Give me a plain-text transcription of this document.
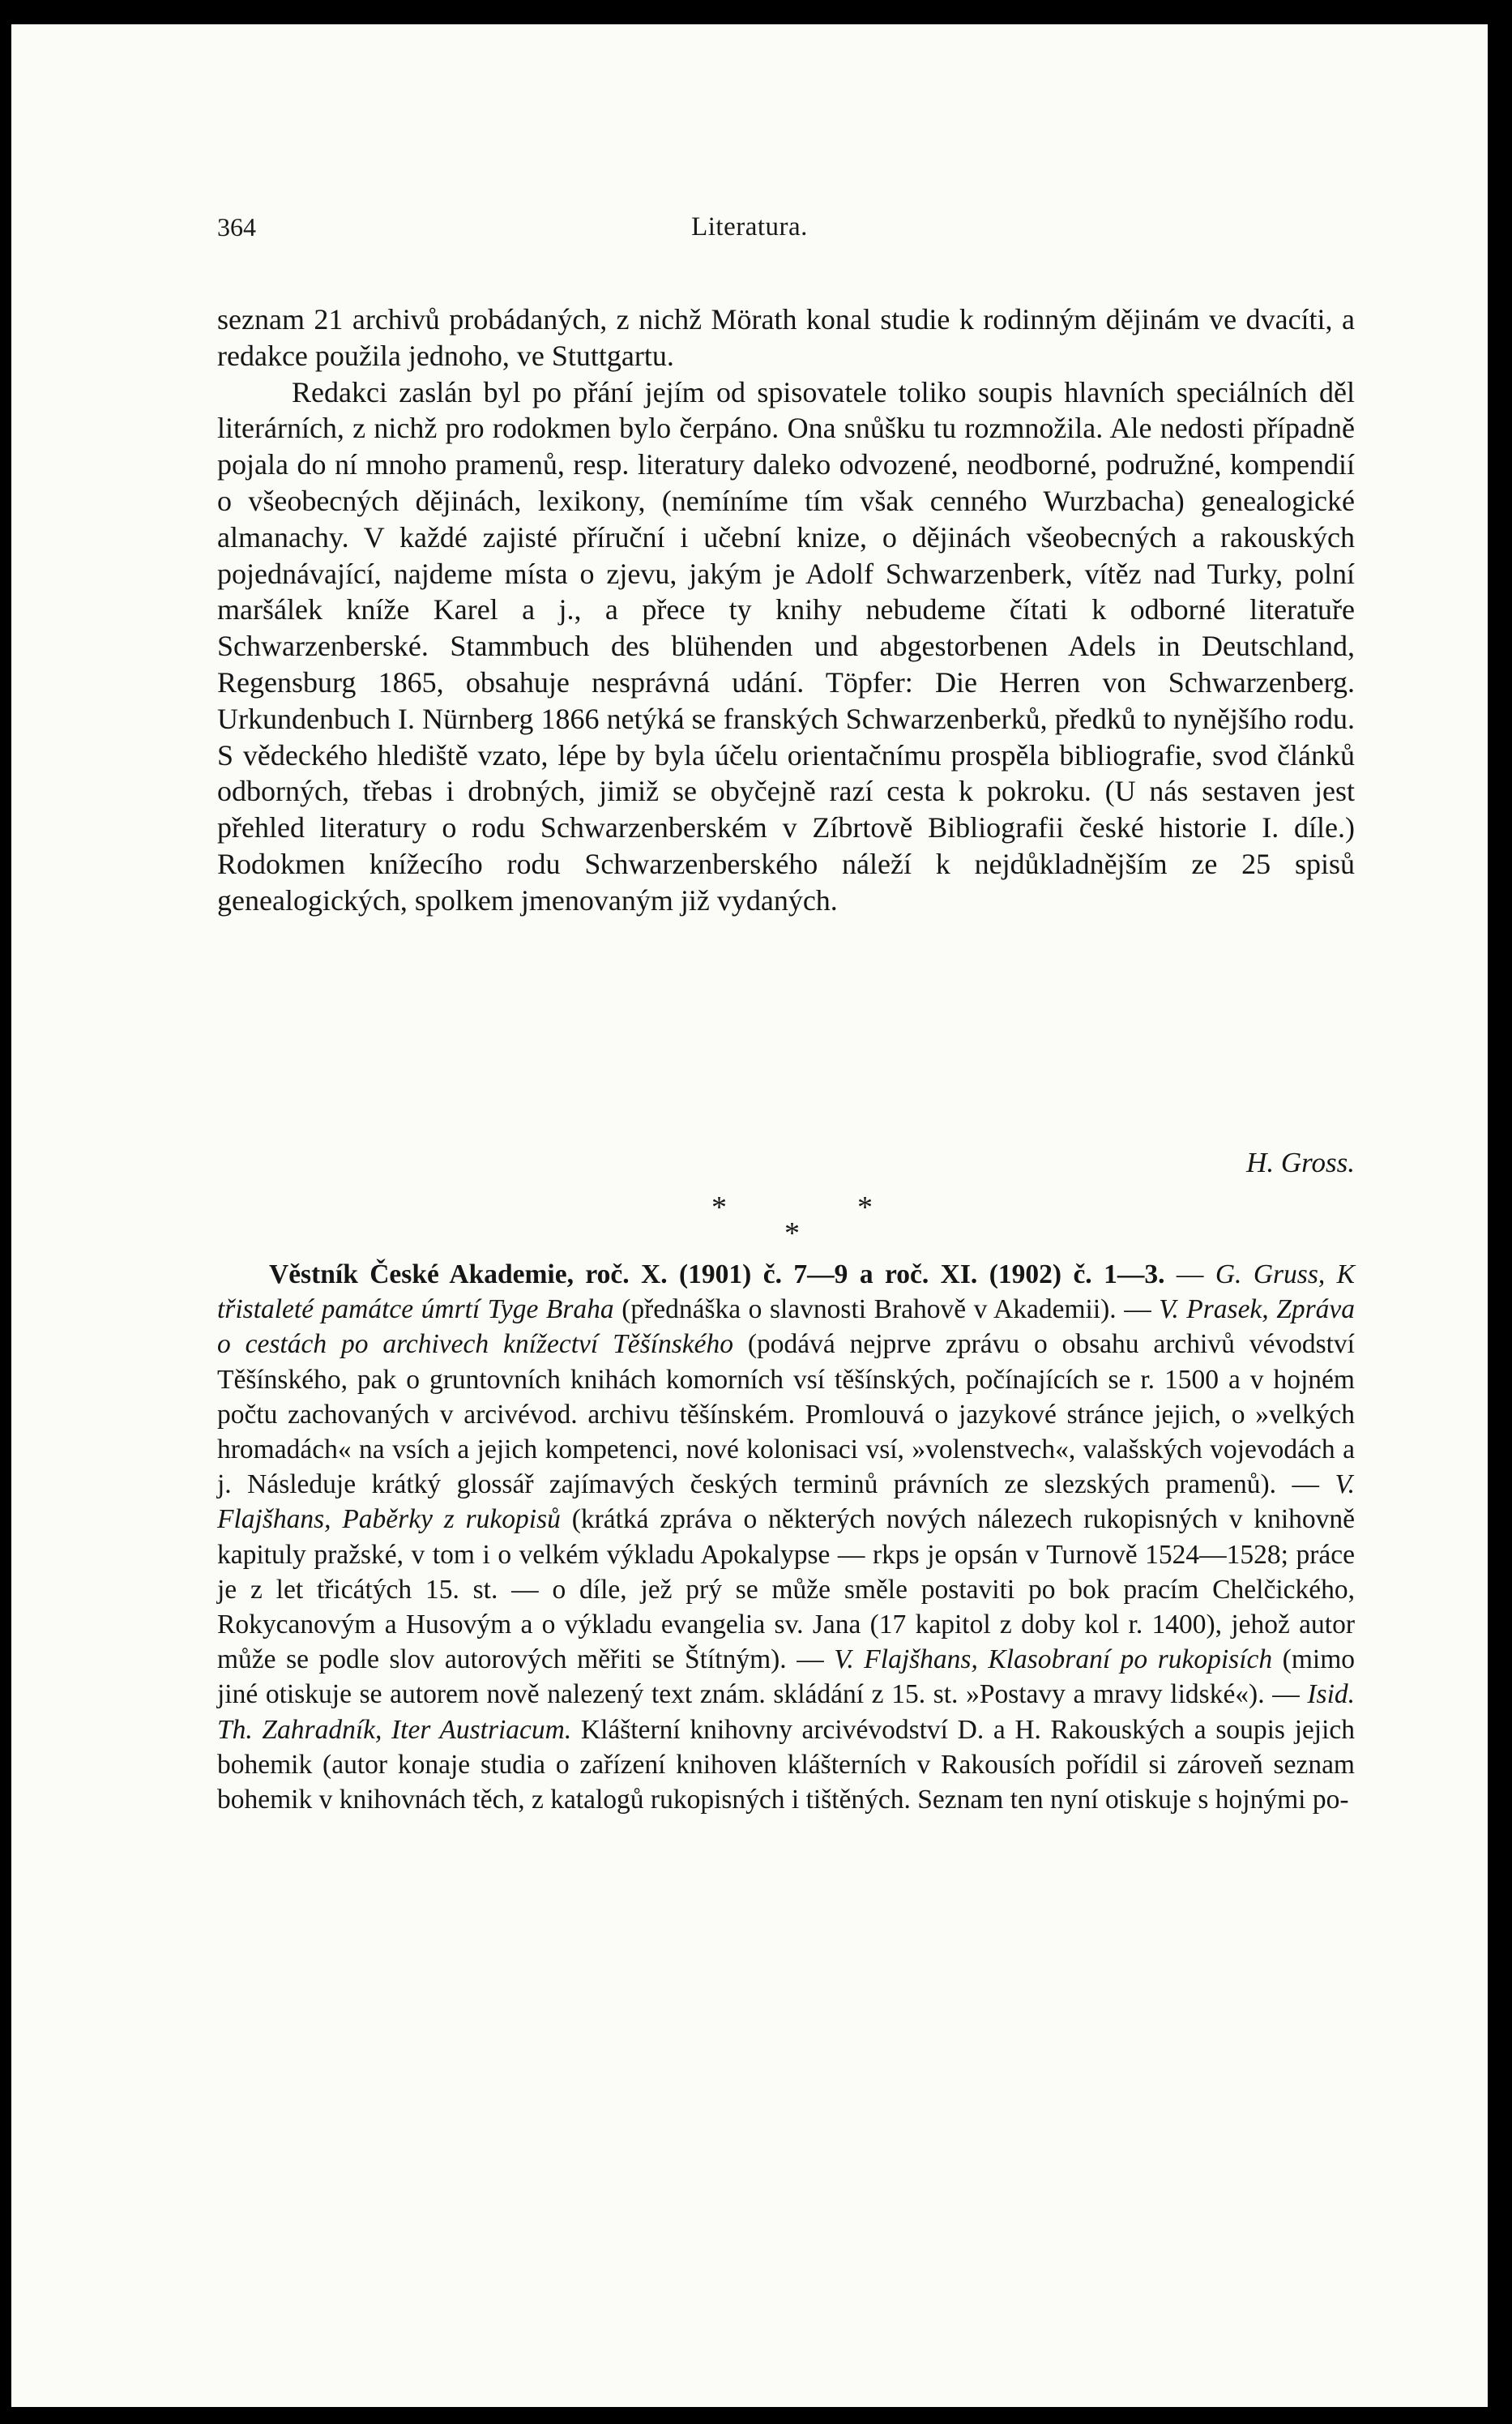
364	Literatura.

seznam 21 archivů probádaných, z nichž Mörath konal studie k rodinným dějinám ve dvacíti, a redakce použila jednoho, ve Stuttgartu.

Redakci zaslán byl po přání jejím od spisovatele toliko soupis hlavních speciálních děl literárních, z nichž pro rodokmen bylo čerpáno. Ona snůšku tu rozmnožila. Ale nedosti případně pojala do ní mnoho pramenů, resp. literatury daleko odvozené, neodborné, podružné, kompendií o všeobecných dějinách, lexikony, (nemíníme tím však cenného Wurzbacha) genealogické almanachy. V každé zajisté příruční i učební knize, o dějinách všeobecných a rakouských pojednávající, najdeme místa o zjevu, jakým je Adolf Schwarzenberk, vítěz nad Turky, polní maršálek kníže Karel a j., a přece ty knihy nebudeme čítati k odborné literatuře Schwarzenberské. Stammbuch des blühenden und abgestorbenen Adels in Deutschland, Regensburg 1865, obsahuje nesprávná udání. Töpfer: Die Herren von Schwarzenberg. Urkundenbuch I. Nürnberg 1866 netýká se franských Schwarzenberků, předků to nynějšího rodu. S vědeckého hlediště vzato, lépe by byla účelu orientačnímu prospěla bibliografie, svod článků odborných, třebas i drobných, jimiž se obyčejně razí cesta k pokroku. (U nás sestaven jest přehled literatury o rodu Schwarzenberském v Zíbrtově Bibliografii české historie I. díle.) Rodokmen knížecího rodu Schwarzenberského náleží k nejdůkladnějším ze 25 spisů genealogických, spolkem jmenovaným již vydaných.

H. Gross.
*	*
*

Věstník České Akademie, roč. X. (1901) č. 7—9 a roč. XI. (1902) č. 1—3. — G. Gruss, K třistaleté památce úmrtí Tyge Braha (přednáška o slavnosti Brahově v Akademii). — V. Prasek, Zpráva o cestách po archivech knížectví Těšínského (podává nejprve zprávu o obsahu archivů vévodství Těšínského, pak o gruntovních knihách komorních vsí těšínských, počínajících se r. 1500 a v hojném počtu zachovaných v arcivévod. archivu těšínském. Promlouvá o jazykové stránce jejich, o »velkých hromadách« na vsích a jejich kompetenci, nové kolonisaci vsí, »volenstvech«, valašských vojevodách a j. Následuje krátký glossář zajímavých českých terminů právních ze slezských pramenů). — V. Flajšhans, Paběrky z rukopisů (krátká zpráva o některých nových nálezech rukopisných v knihovně kapituly pražské, v tom i o velkém výkladu Apokalypse — rkps je opsán v Turnově 1524—1528; práce je z let třicátých 15. st. — o díle, jež prý se může směle postaviti po bok pracím Chelčického, Rokycanovým a Husovým a o výkladu evangelia sv. Jana (17 kapitol z doby kol r. 1400), jehož autor může se podle slov autorových měřiti se Štítným). — V. Flajšhans, Klasobraní po rukopisích (mimo jiné otiskuje se autorem nově nalezený text znám. skládání z 15. st. »Postavy a mravy lidské«). — Isid. Th. Zahradník, Iter Austriacum. Klášterní knihovny arcivévodství D. a H. Rakouských a soupis jejich bohemik (autor konaje studia o zařízení knihoven klášterních v Rakousích pořídil si zároveň seznam bohemik v knihovnách těch, z katalogů rukopisných i tištěných. Seznam ten nyní otiskuje s hojnými po-
